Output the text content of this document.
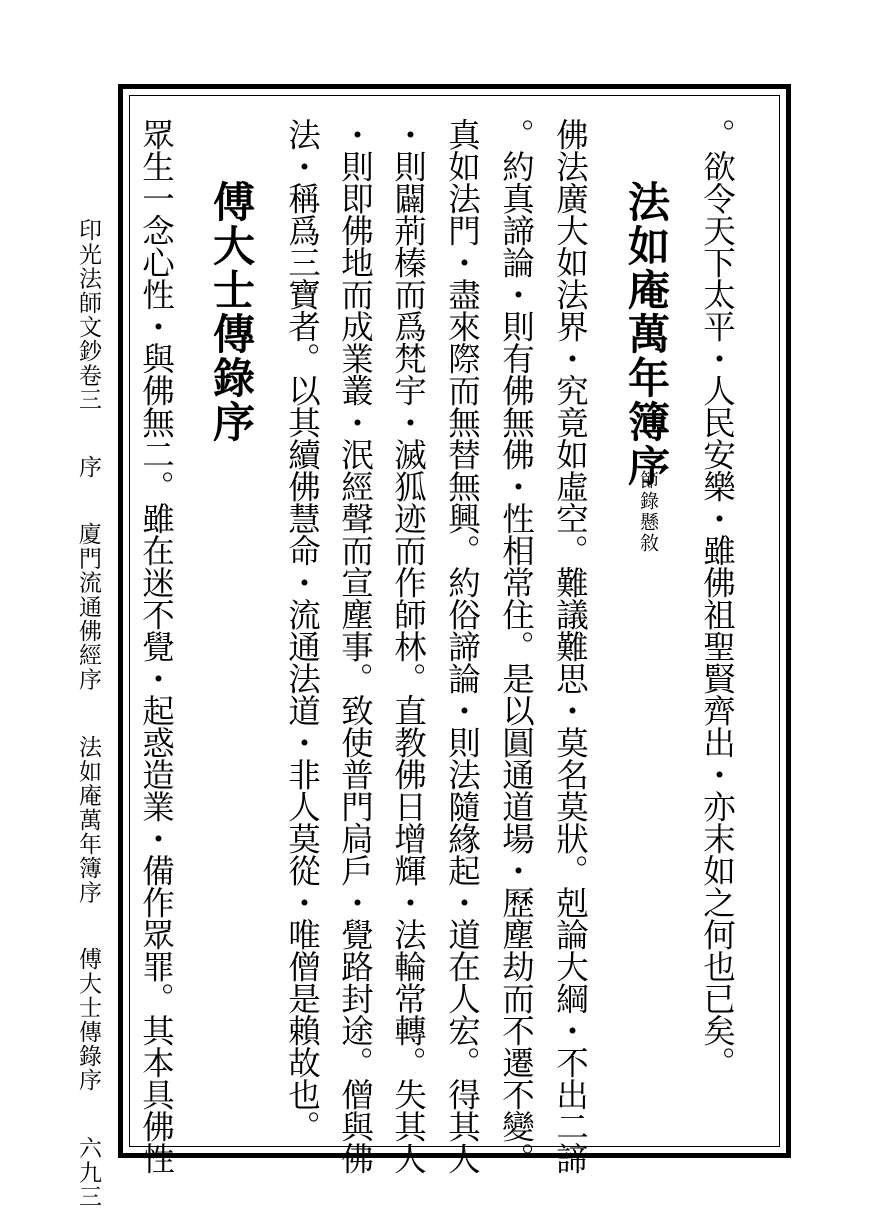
。欲令天下太平・人民安樂・雖佛祖聖賢齊出・亦末如之何也已矣。
法如庵萬年簿序
節錄懸敘
佛法廣大如法界・究竟如虛空。難議難思・莫名莫狀。剋論大綱・不出二諦
。約真諦論・則有佛無佛・性相常住。是以圓通道場・歷塵劫而不遷不變。
真如法門・盡來際而無替無興。約俗諦論・則法隨緣起・道在人宏。得其人
・則闢荊榛而爲梵宇・滅狐迹而作師林。直教佛日增輝・法輪常轉。失其人
・則即佛地而成業叢・泯經聲而宣塵事。致使普門扃戶・覺路封途。僧與佛
法・稱爲三寶者。以其續佛慧命・流通法道・非人莫從・唯僧是賴故也。
傅大士傳錄序
眾生一念心性・與佛無二。雖在迷不覺・起惑造業・備作眾罪。其本具佛性
印光法師文鈔卷三 序 廈門流通佛經序 法如庵萬年簿序 傅大士傳錄序 六九三
